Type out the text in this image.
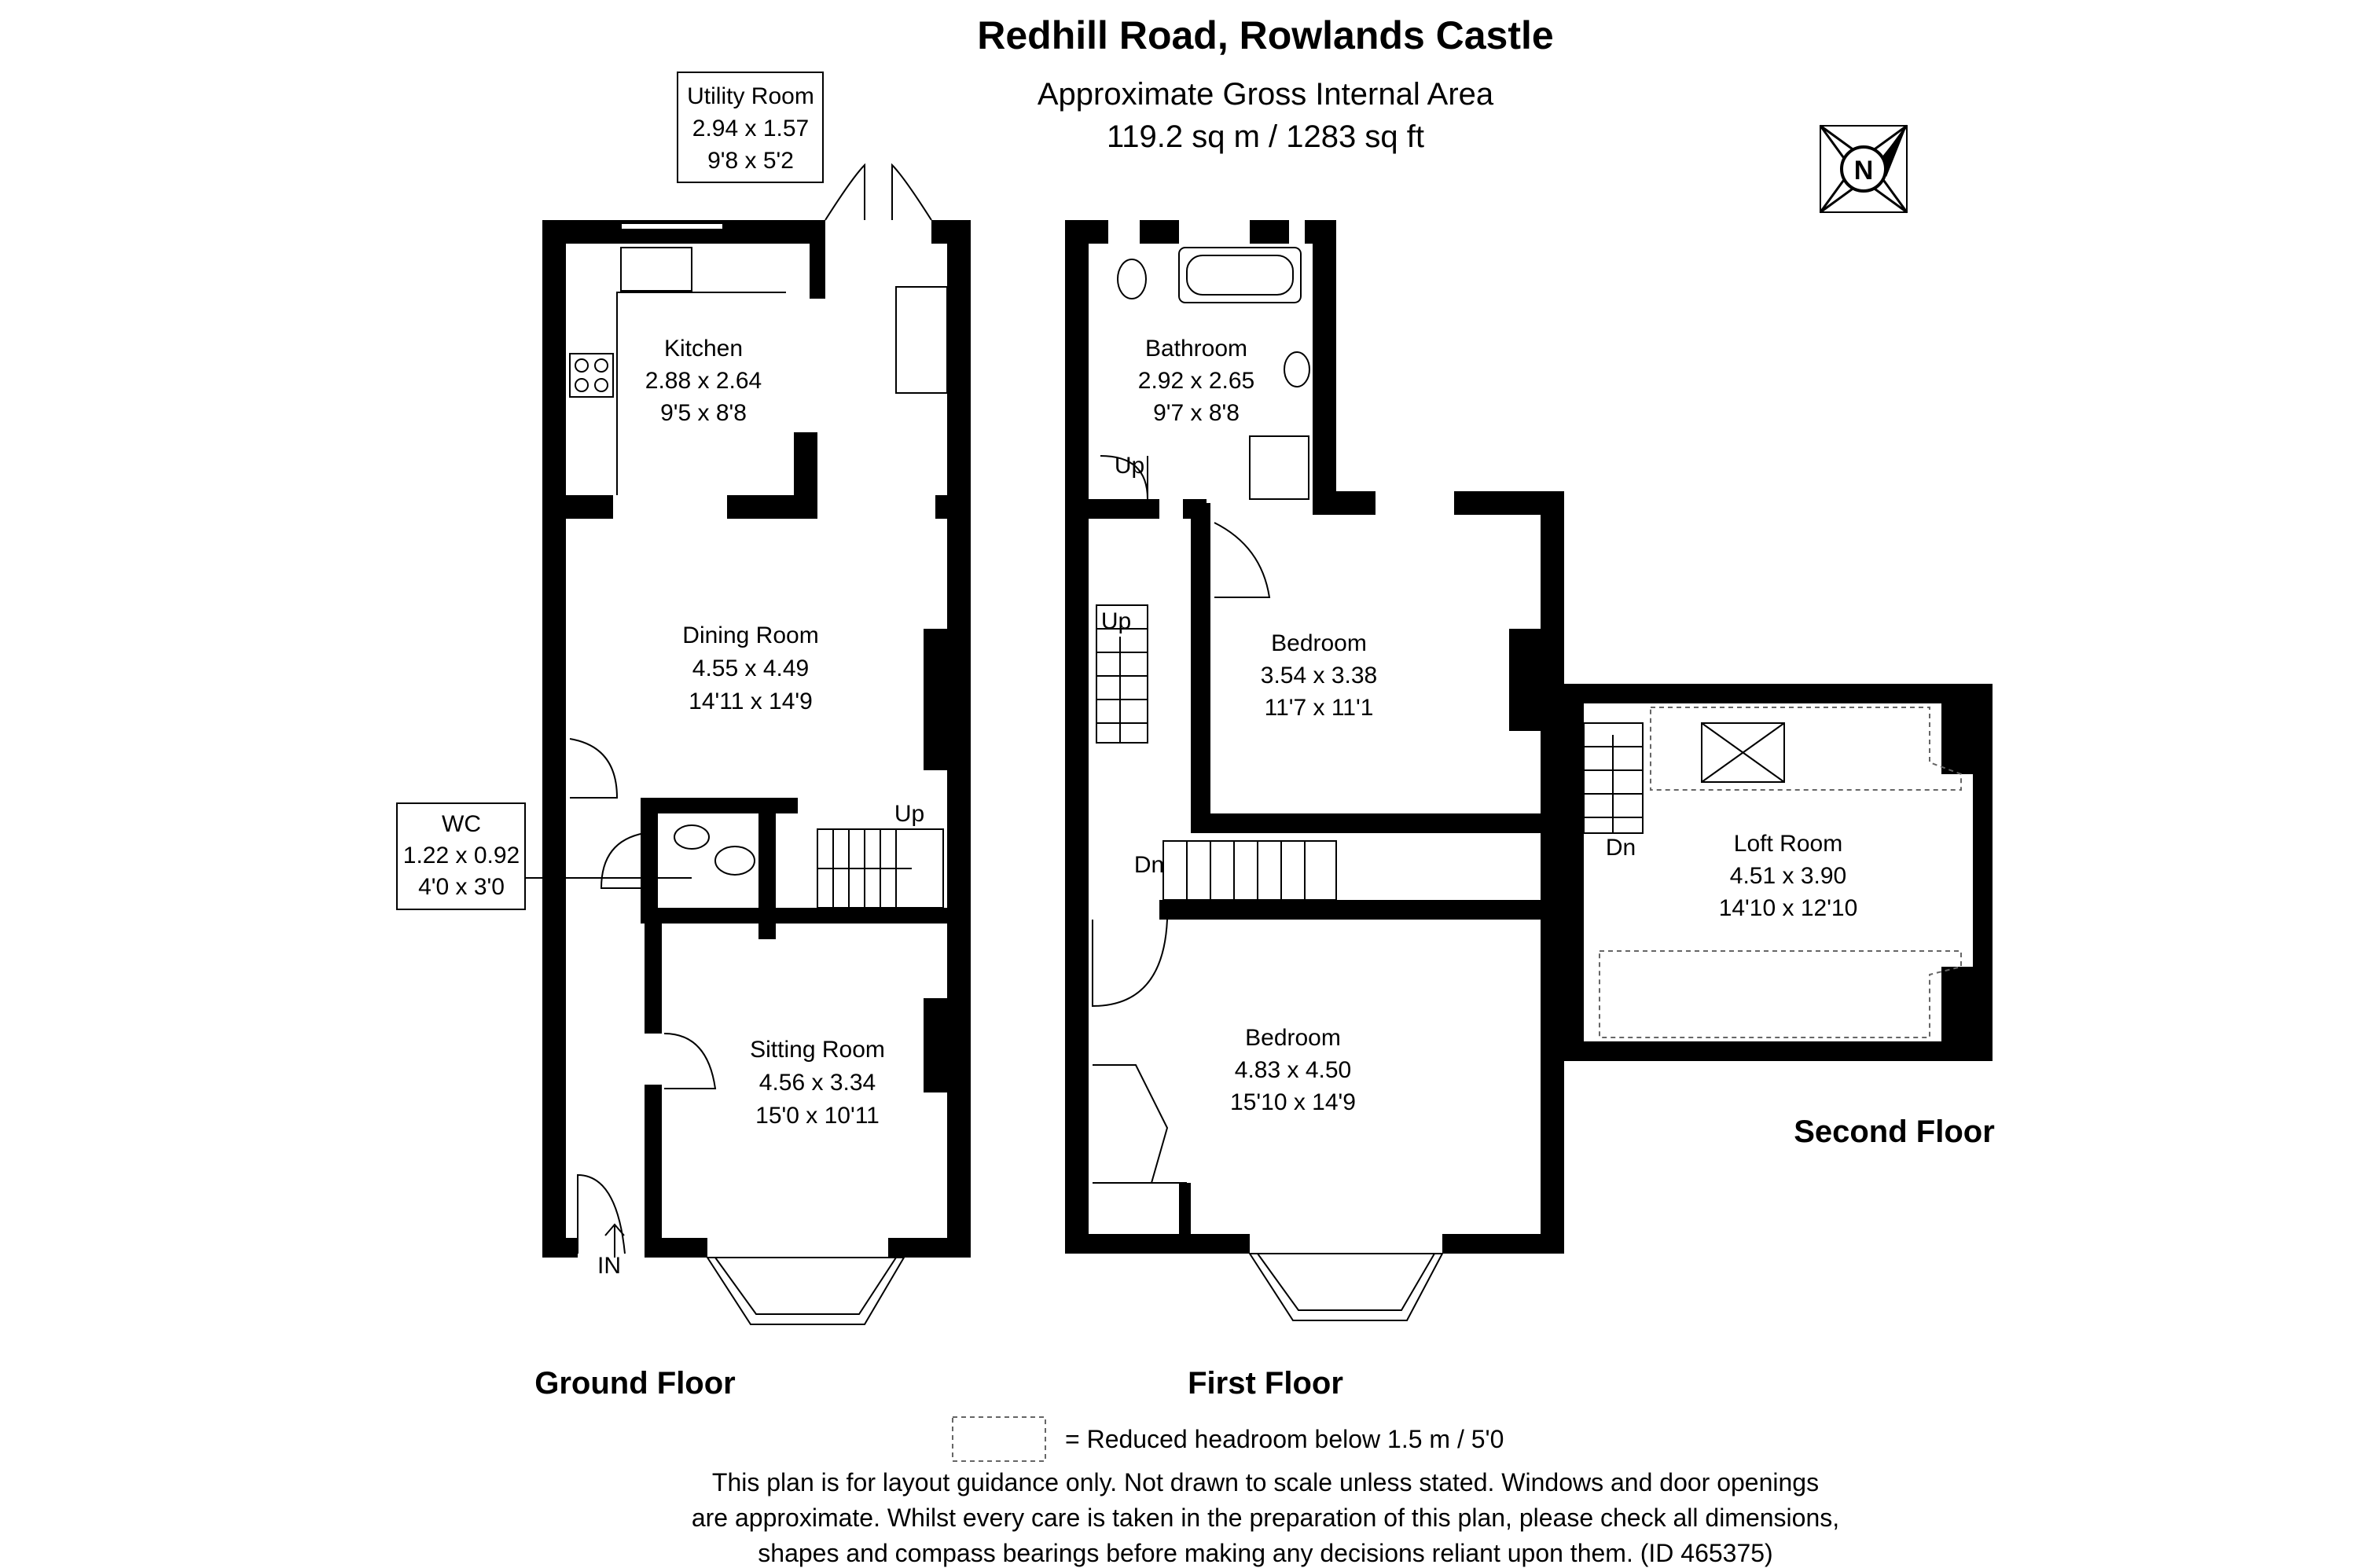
Redhill Road, Rowlands Castle
Approximate Gross Internal Area
119.2 sq m / 1283 sq ft
N
Utility Room
2.94 x 1.57
9'8 x 5'2
Kitchen
2.88 x 2.64
9'5 x 8'8
Dining Room
4.55 x 4.49
14'11 x 14'9
WC
1.22 x 0.92
4'0 x 3'0
Sitting Room
4.56 x 3.34
15'0 x 10'11
Bathroom
2.92 x 2.65
9'7 x 8'8
Bedroom
3.54 x 3.38
11'7 x 11'1
Bedroom
4.83 x 4.50
15'10 x 14'9
Loft Room
4.51 x 3.90
14'10 x 12'10
Up
Up
Up
Dn
Dn
IN
Ground Floor	First Floor
Second Floor
= Reduced headroom below 1.5 m / 5'0
This plan is for layout guidance only. Not drawn to scale unless stated. Windows and door openings
are approximate. Whilst every care is taken in the preparation of this plan, please check all dimensions,
shapes and compass bearings before making any decisions reliant upon them. (ID 465375)
